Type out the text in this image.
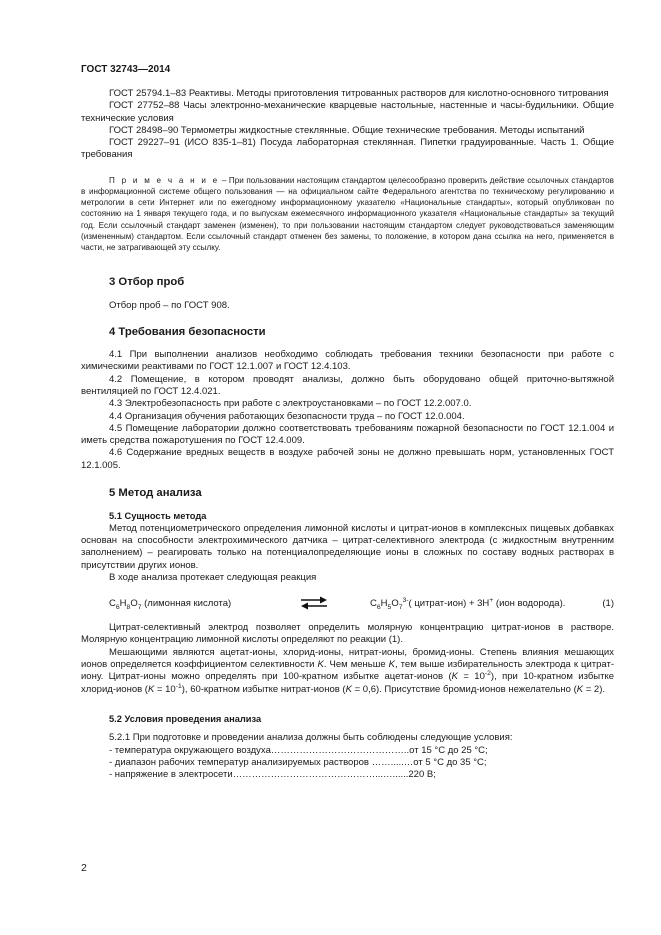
ГОСТ 32743—2014

ГОСТ 25794.1–83 Реактивы. Методы приготовления титрованных растворов для кислотно-основного титрования

ГОСТ 27752–88 Часы электронно-механические кварцевые настольные, настенные и часы-будильники. Общие технические условия

ГОСТ 28498–90 Термометры жидкостные стеклянные. Общие технические требования. Методы испытаний

ГОСТ 29227–91 (ИСО 835-1–81) Посуда лабораторная стеклянная. Пипетки градуированные. Часть 1. Общие требования

П р и м е ч а н и е – При пользовании настоящим стандартом целесообразно проверить действие ссылочных стандартов в информационной системе общего пользования — на официальном сайте Федерального агентства по техническому регулированию и метрологии в сети Интернет или по ежегодному информационному указателю «Национальные стандарты», который опубликован по состоянию на 1 января текущего года, и по выпускам ежемесячного информационного указателя «Национальные стандарты» за текущий год. Если ссылочный стандарт заменен (изменен), то при пользовании настоящим стандартом следует руководствоваться заменяющим (измененным) стандартом. Если ссылочный стандарт отменен без замены, то положение, в котором дана ссылка на него, применяется в части, не затрагивающей эту ссылку.

3 Отбор проб

Отбор проб – по ГОСТ 908.

4 Требования безопасности

4.1 При выполнении анализов необходимо соблюдать требования техники безопасности при работе с химическими реактивами по ГОСТ 12.1.007 и ГОСТ 12.4.103.

4.2 Помещение, в котором проводят анализы, должно быть оборудовано общей приточно-вытяжной вентиляцией по ГОСТ 12.4.021.

4.3 Электробезопасность при работе с электроустановками – по ГОСТ 12.2.007.0.

4.4 Организация обучения работающих безопасности труда – по ГОСТ 12.0.004.

4.5 Помещение лаборатории должно соответствовать требованиям пожарной безопасности по ГОСТ 12.1.004 и иметь средства пожаротушения по ГОСТ 12.4.009.

4.6 Содержание вредных веществ в воздухе рабочей зоны не должно превышать норм, установленных ГОСТ 12.1.005.

5 Метод анализа
5.1 Сущность метода

Метод потенциометрического определения лимонной кислоты и цитрат-ионов в комплексных пищевых добавках основан на способности электрохимического датчика – цитрат-селективного электрода (с жидкостным внутренним заполнением) – реагировать только на потенциалопределяющие ионы в сложных по составу водных растворах в присутствии других ионов.

В ходе анализа протекает следующая реакция

$C_6H_8O_7$ (лимонная кислота)	$C_6H_5O_7^{3-}$( цитрат-ион) + 3H+ (ион водорода).	(1)

Цитрат-селективный электрод позволяет определить молярную концентрацию цитрат-ионов в растворе. Молярную концентрацию лимонной кислоты определяют по реакции (1).

Мешающими являются ацетат-ионы, хлорид-ионы, нитрат-ионы, бромид-ионы. Степень влияния мешающих ионов определяется коэффициентом селективности K. Чем меньше K, тем выше избирательность электрода к цитрат-иону. Цитрат-ионы можно определять при 100-кратном избытке ацетат-ионов $(K = 10^{-2})$, при 10-кратном избытке хлорид-ионов $(K = 10^{-1})$, 60-кратном избытке нитрат-ионов (K = 0,6). Присутствие бромид-ионов нежелательно (K = 2).

5.2 Условия проведения анализа

5.2.1 При подготовке и проведении анализа должны быть соблюдены следующие условия:

- температура окружающего воздуха……………………………………..от 15 °С до 25 °С;

- диапазон рабочих температур анализируемых растворов …….....…от 5 °С до 35 °С;

- напряжение в электросети………………………………………...…......220 В;

2
